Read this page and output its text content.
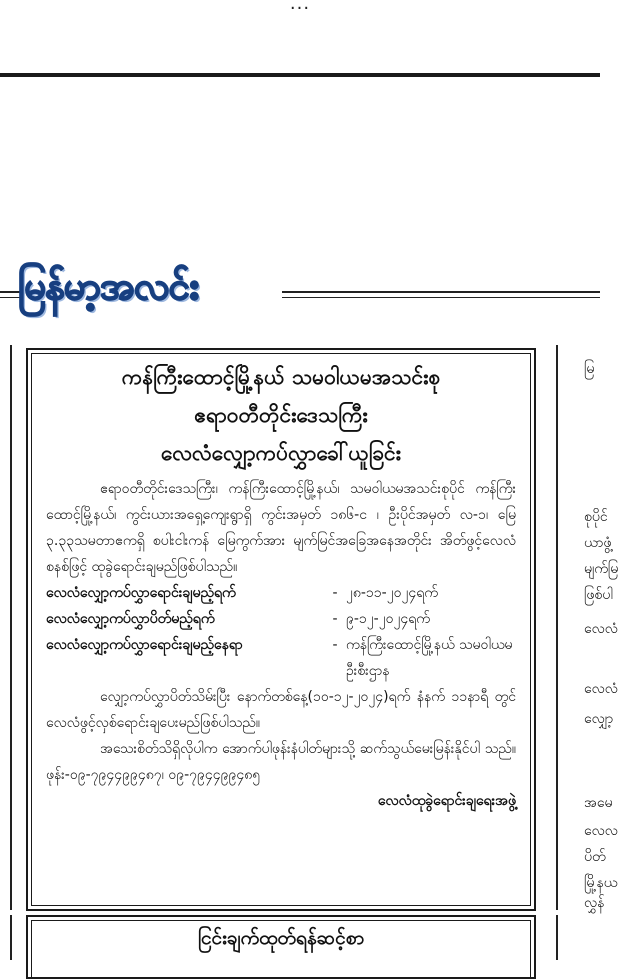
···
မြန်မာ့အလင်း
ကန်ကြီးထောင့်မြို့နယ် သမဝါယမအသင်းစု
ဧရာဝတီတိုင်းဒေသကြီး
လေလံလျှော့ကပ်လွှာခေါ်ယူခြင်း

ဧရာဝတီတိုင်းဒေသကြီး၊ ကန်ကြီးထောင့်မြို့နယ်၊ သမဝါယမအသင်းစုပိုင် ကန်ကြီးထောင့်မြို့နယ်၊ ကွင်းယားအရှေ့ကျေးရွာရှိ ကွင်းအမှတ် ၁၈၆-င ၊ ဦးပိုင်အမှတ် လ-၁၊ မြေ ၃.၃၃သမတာဧကရှိ စပါးငါးကန် မြေကွက်အား မျက်မြင်အခြေအနေအတိုင်း အိတ်ဖွင့်လေလံစနစ်ဖြင့် ထုခွဲရောင်းချမည်ဖြစ်ပါသည်။

လေလံလျှော့ကပ်လွှာရောင်းချမည့်ရက်	- ၂၈-၁၁-၂၀၂၄ရက်
လေလံလျှော့ကပ်လွှာပိတ်မည့်ရက်	- ၉-၁၂-၂၀၂၄ရက်
လေလံလျှော့ကပ်လွှာရောင်းချမည့်နေရာ	- ကန်ကြီးထောင့်မြို့နယ် သမဝါယမဦးစီးဌာန

လျှော့ကပ်လွှာပိတ်သိမ်းပြီး နောက်တစ်နေ့(၁၀-၁၂-၂၀၂၄)ရက် နံနက် ၁၁နာရီ တွင် လေလံဖွင့်လှစ်ရောင်းချပေးမည်ဖြစ်ပါသည်။

အသေးစိတ်သိရှိလိုပါက အောက်ပါဖုန်းနံပါတ်များသို့ ဆက်သွယ်မေးမြန်းနိုင်ပါ သည်။ ဖုန်း-၀၉-၇၉၄၄၉၉၄၈၇၊ ၀၉-၇၉၄၄၉၉၄၈၅

လေလံထုခွဲရောင်းချရေးအဖွဲ့

မြ
စုပိုင်
ယာဖွံ့
မျက်မြ
ဖြစ်ပါ
လေလံ
လေလံ
လျှော့
အမေ
လေလ
ပိတ်
မြို့နယ
လွှန်
ငြင်းချက်ထုတ်ရန်ဆင့်စာ
